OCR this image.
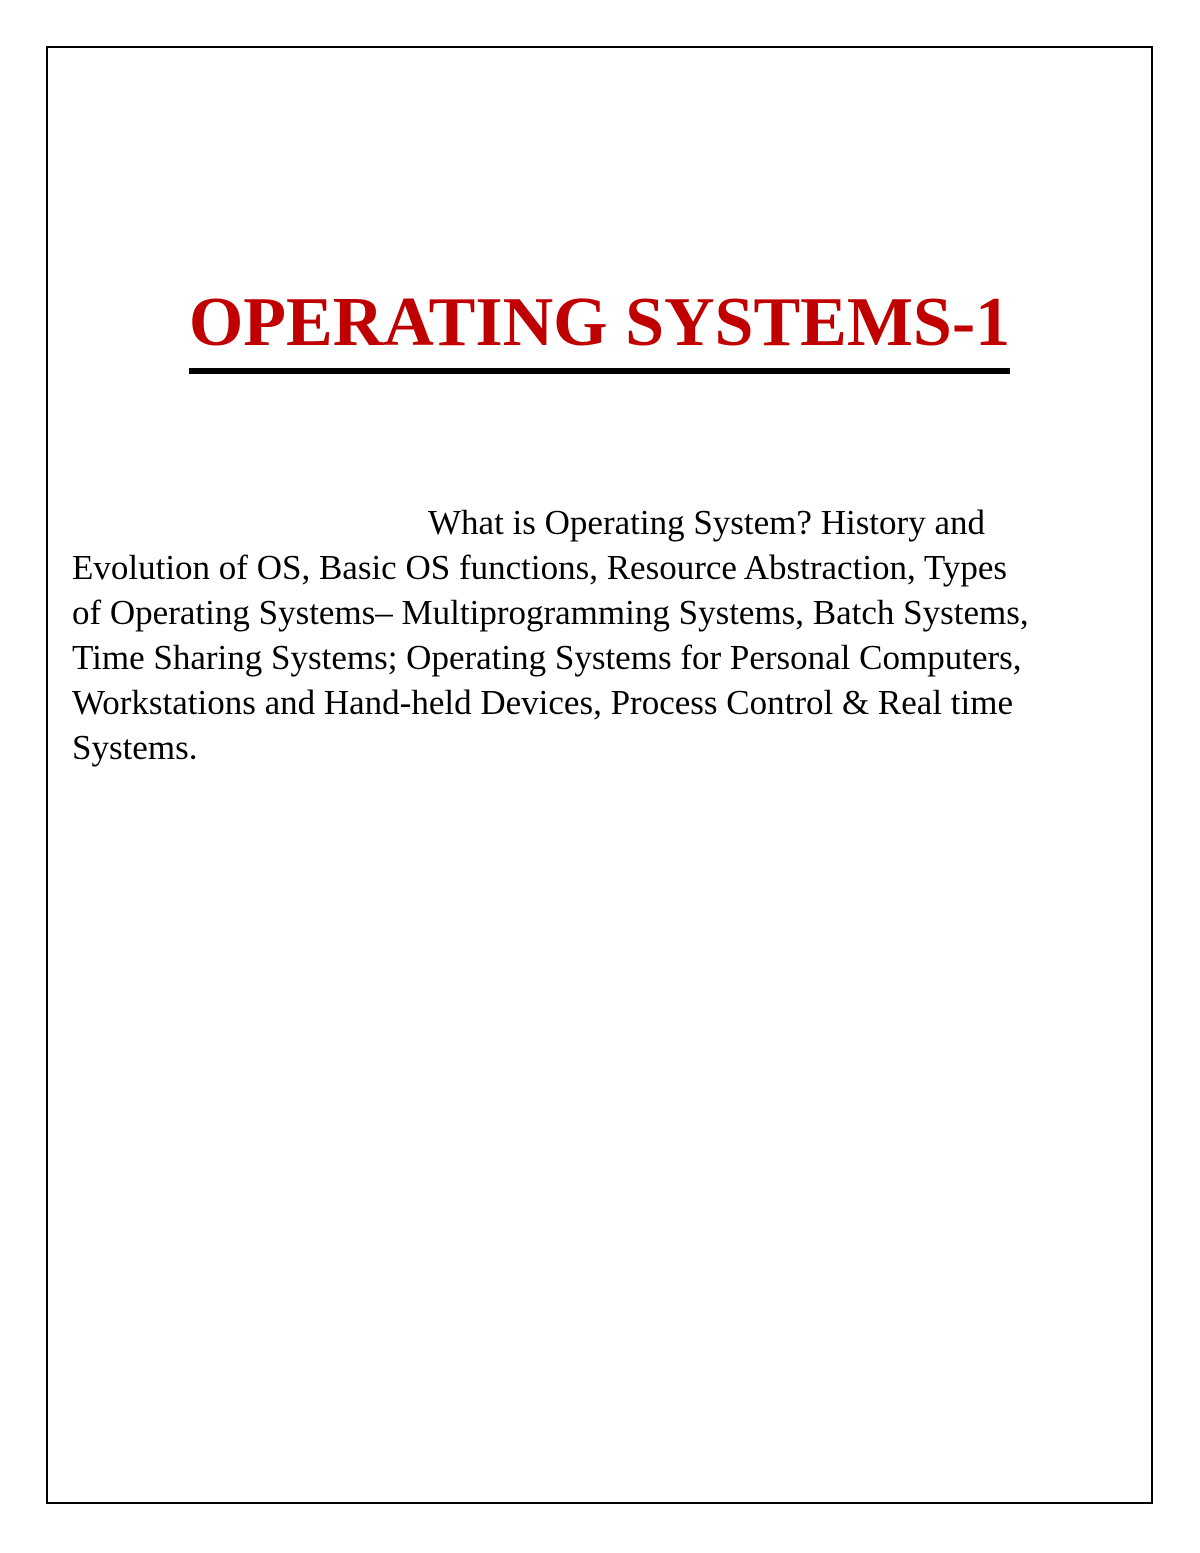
OPERATING SYSTEMS-1
What is Operating System? History and
Evolution of OS, Basic OS functions, Resource Abstraction, Types
of Operating Systems– Multiprogramming Systems, Batch Systems,
Time Sharing Systems; Operating Systems for Personal Computers,
Workstations and Hand-held Devices, Process Control & Real time
Systems.
